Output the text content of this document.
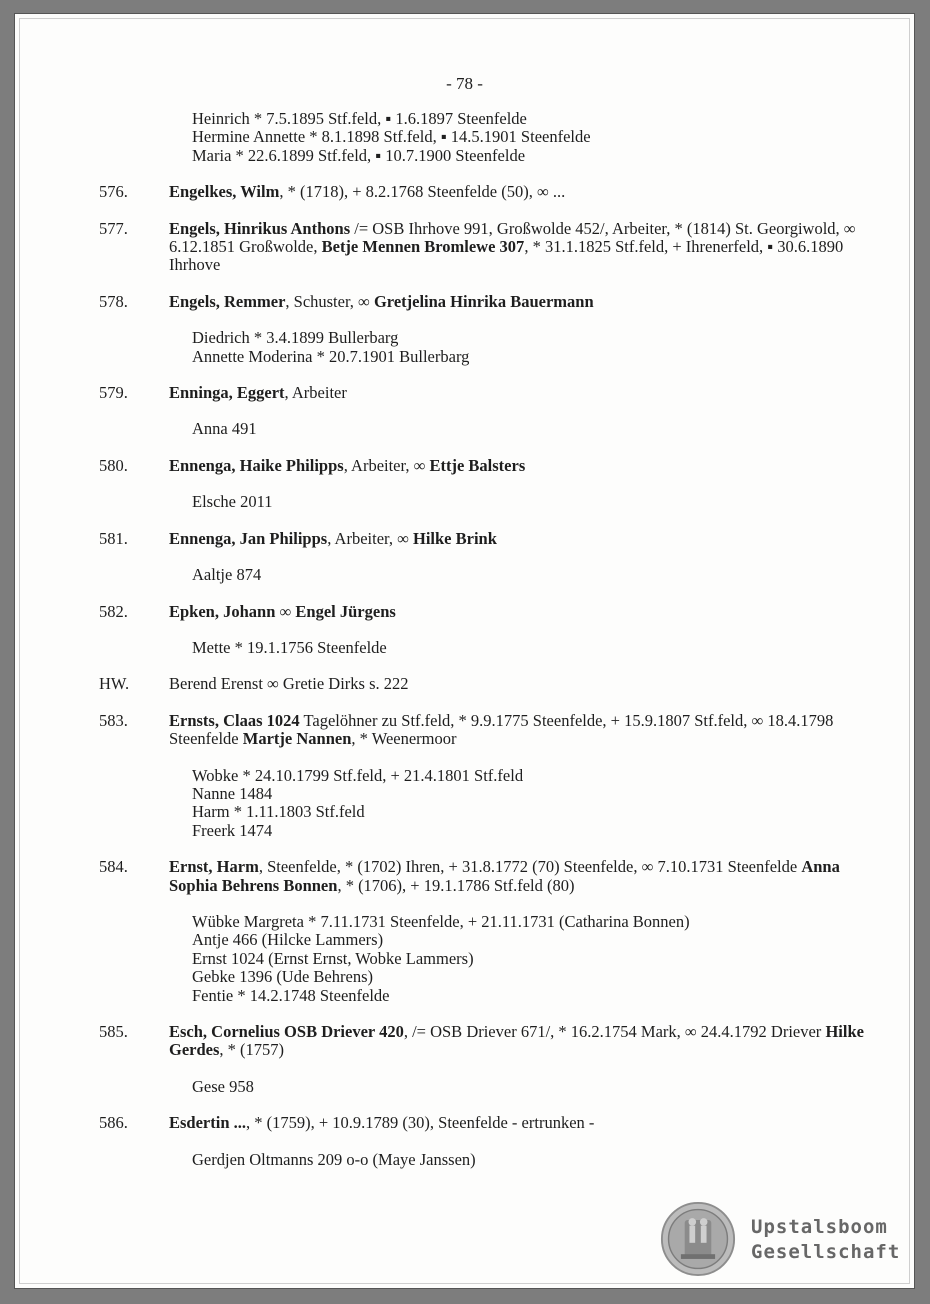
- 78 -
Heinrich * 7.5.1895 Stf.feld, ▪ 1.6.1897 Steenfelde
Hermine Annette * 8.1.1898 Stf.feld, ▪ 14.5.1901 Steenfelde
Maria * 22.6.1899 Stf.feld, ▪ 10.7.1900 Steenfelde
576. Engelkes, Wilm, * (1718), + 8.2.1768 Steenfelde (50), ∞ ...
577. Engels, Hinrikus Anthons /= OSB Ihrhove 991, Großwolde 452/, Arbeiter, * (1814) St. Georgiwold, ∞ 6.12.1851 Großwolde, Betje Mennen Bromlewe 307, * 31.1.1825 Stf.feld, + Ihrenerfeld, ▪ 30.6.1890 Ihrhove
578. Engels, Remmer, Schuster, ∞ Gretjelina Hinrika Bauermann
Diedrich * 3.4.1899 Bullerbarg
Annette Moderina * 20.7.1901 Bullerbarg
579. Enninga, Eggert, Arbeiter
Anna 491
580. Ennenga, Haike Philipps, Arbeiter, ∞ Ettje Balsters
Elsche 2011
581. Ennenga, Jan Philipps, Arbeiter, ∞ Hilke Brink
Aaltje 874
582. Epken, Johann ∞ Engel Jürgens
Mette * 19.1.1756 Steenfelde
HW. Berend Erenst ∞ Gretie Dirks s. 222
583. Ernsts, Claas 1024 Tagelöhner zu Stf.feld, * 9.9.1775 Steenfelde, + 15.9.1807 Stf.feld, ∞ 18.4.1798 Steenfelde Martje Nannen, * Weenermoor
Wobke * 24.10.1799 Stf.feld, + 21.4.1801 Stf.feld
Nanne 1484
Harm * 1.11.1803 Stf.feld
Freerk 1474
584. Ernst, Harm, Steenfelde, * (1702) Ihren, + 31.8.1772 (70) Steenfelde, ∞ 7.10.1731 Steenfelde Anna Sophia Behrens Bonnen, * (1706), + 19.1.1786 Stf.feld (80)
Wübke Margreta * 7.11.1731 Steenfelde, + 21.11.1731 (Catharina Bonnen)
Antje 466 (Hilcke Lammers)
Ernst 1024 (Ernst Ernst, Wobke Lammers)
Gebke 1396 (Ude Behrens)
Fentie * 14.2.1748 Steenfelde
585. Esch, Cornelius OSB Driever 420, /= OSB Driever 671/, * 16.2.1754 Mark, ∞ 24.4.1792 Driever Hilke Gerdes, * (1757)
Gese 958
586. Esdertin ..., * (1759), + 10.9.1789 (30), Steenfelde - ertrunken -
Gerdjen Oltmanns 209 o-o (Maye Janssen)
Upstalsboom
Gesellschaft
